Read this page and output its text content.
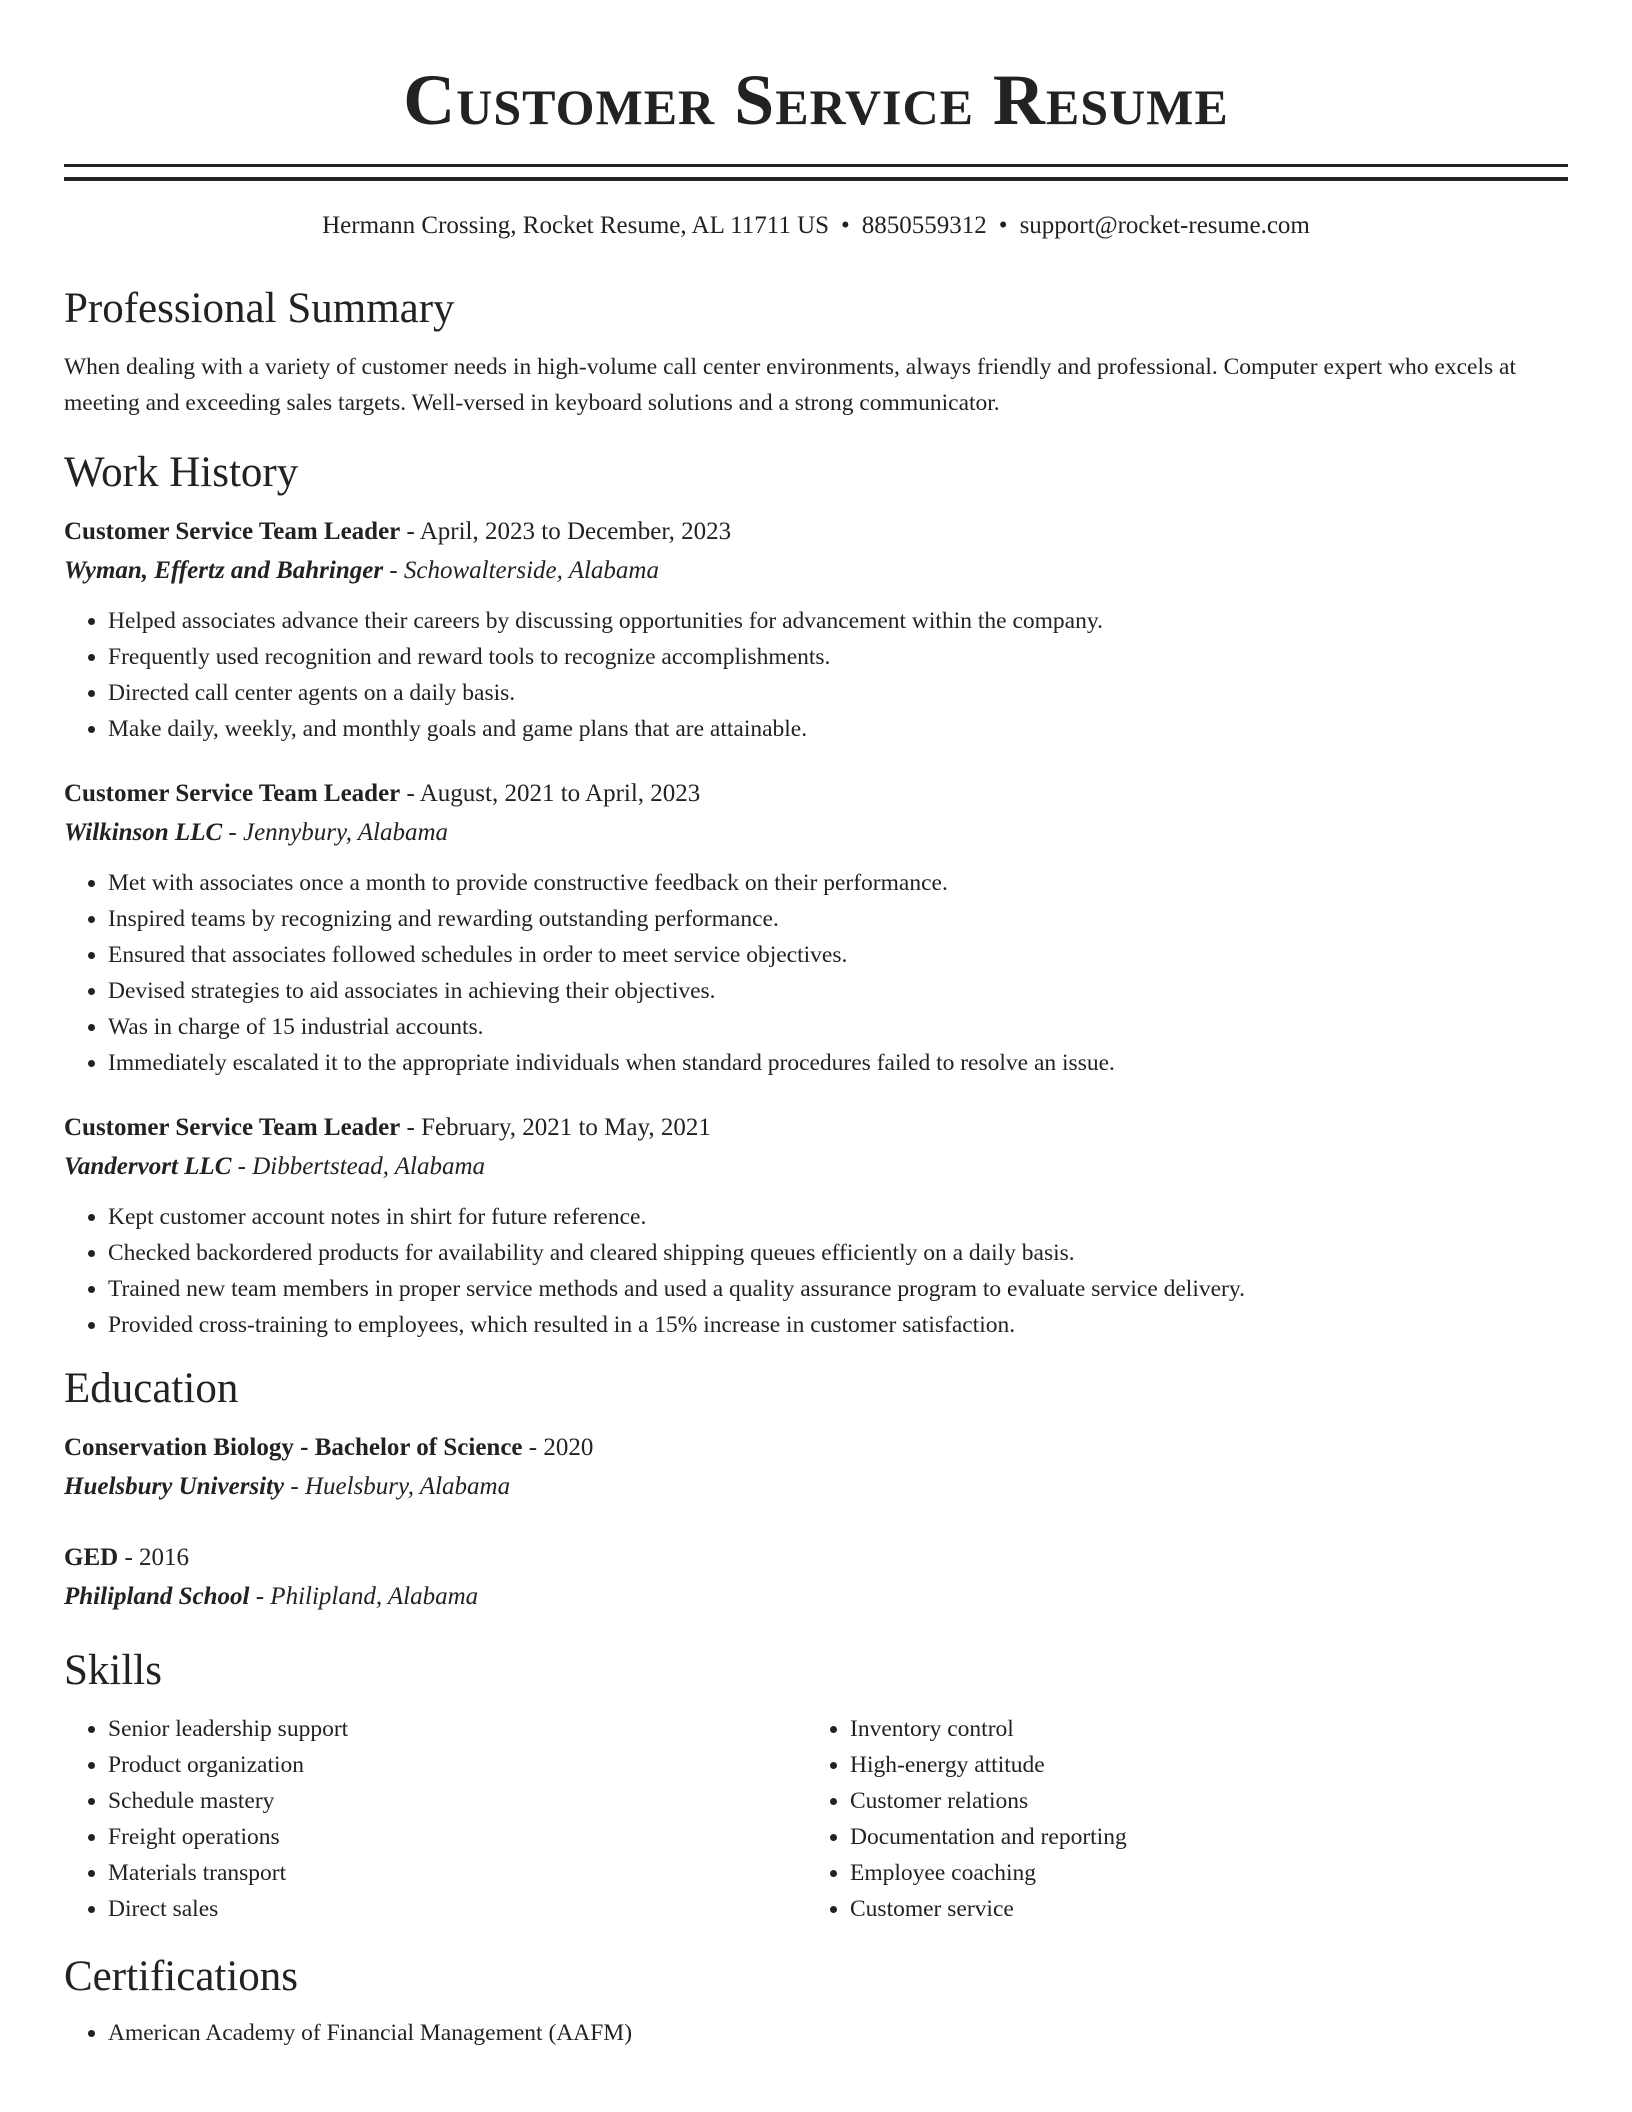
Customer Service Resume
Hermann Crossing, Rocket Resume, AL 11711 US • 8850559312 • support@rocket-resume.com
Professional Summary

When dealing with a variety of customer needs in high-volume call center environments, always friendly and professional. Computer expert who excels at meeting and exceeding sales targets. Well-versed in keyboard solutions and a strong communicator.

Work History
Customer Service Team Leader - April, 2023 to December, 2023
Wyman, Effertz and Bahringer - Schowalterside, Alabama
• Helped associates advance their careers by discussing opportunities for advancement within the company.
• Frequently used recognition and reward tools to recognize accomplishments.
• Directed call center agents on a daily basis.
• Make daily, weekly, and monthly goals and game plans that are attainable.
Customer Service Team Leader - August, 2021 to April, 2023
Wilkinson LLC - Jennybury, Alabama
• Met with associates once a month to provide constructive feedback on their performance.
• Inspired teams by recognizing and rewarding outstanding performance.
• Ensured that associates followed schedules in order to meet service objectives.
• Devised strategies to aid associates in achieving their objectives.
• Was in charge of 15 industrial accounts.
• Immediately escalated it to the appropriate individuals when standard procedures failed to resolve an issue.
Customer Service Team Leader - February, 2021 to May, 2021
Vandervort LLC - Dibbertstead, Alabama
• Kept customer account notes in shirt for future reference.
• Checked backordered products for availability and cleared shipping queues efficiently on a daily basis.
• Trained new team members in proper service methods and used a quality assurance program to evaluate service delivery.
• Provided cross-training to employees, which resulted in a 15% increase in customer satisfaction.
Education
Conservation Biology - Bachelor of Science - 2020
Huelsbury University - Huelsbury, Alabama
GED - 2016
Philipland School - Philipland, Alabama
Skills
• Senior leadership support
• Product organization
• Schedule mastery
• Freight operations
• Materials transport
• Direct sales
• Inventory control
• High-energy attitude
• Customer relations
• Documentation and reporting
• Employee coaching
• Customer service
Certifications
• American Academy of Financial Management (AAFM)
